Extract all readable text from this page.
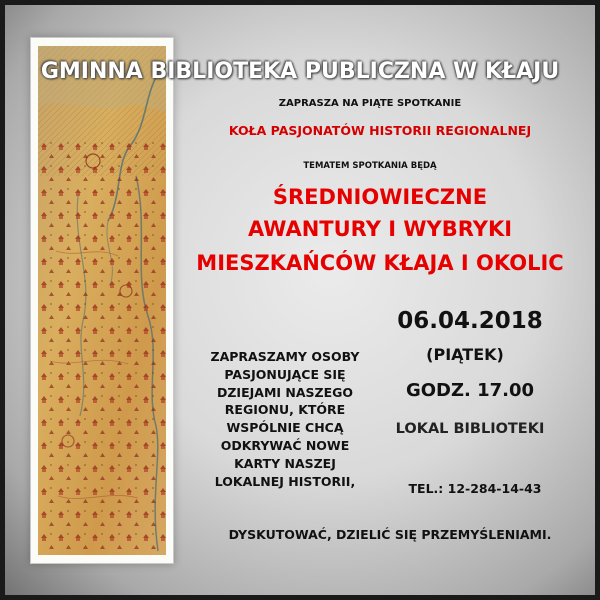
GMINNA BIBLIOTEKA PUBLICZNA W KŁAJU
ZAPRASZA NA PIĄTE SPOTKANIE
KOŁA PASJONATÓW HISTORII REGIONALNEJ
TEMATEM SPOTKANIA BĘDĄ
ŚREDNIOWIECZNE
AWANTURY I WYBRYKI
MIESZKAŃCÓW KŁAJA I OKOLIC
06.04.2018
(PIĄTEK)
GODZ. 17.00
LOKAL BIBLIOTEKI
TEL.: 12-284-14-43
ZAPRASZAMY OSOBY
PASJONUJĄCE SIĘ
DZIEJAMI NASZEGO
REGIONU, KTÓRE
WSPÓLNIE CHCĄ
ODKRYWAĆ NOWE
KARTY NASZEJ
LOKALNEJ HISTORII,
DYSKUTOWAĆ, DZIELIĆ SIĘ PRZEMYŚLENIAMI.
